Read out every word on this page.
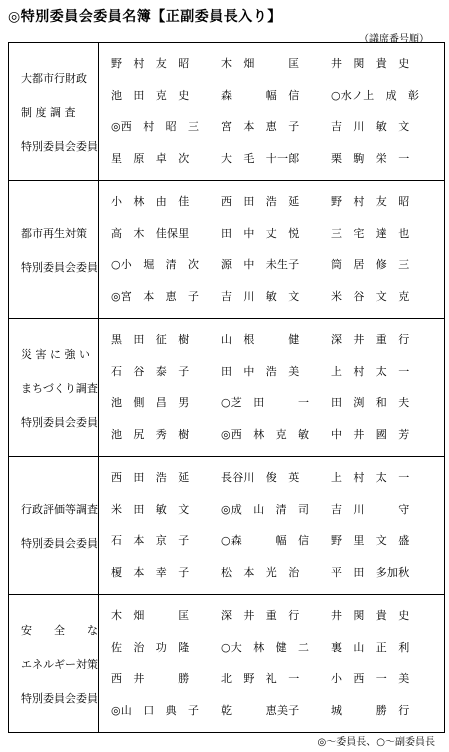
◎特別委員会委員名簿【正副委員長入り】
（議席番号順）
大都市行財政
制 度 調 査
特別委員会委員
野　村　友　昭	木　畑　　　匡	井　関　貴　史
池　田　克　史	森　　　幅　信	○水ノ上　成　彰
◎西　村　昭　三	宮　本　恵　子	吉　川　敏　文
星　原　卓　次	大　毛　十一郎	栗　駒　栄　一
都市再生対策
特別委員会委員
小　林　由　佳	西　田　浩　延	野　村　友　昭
高　木　佳保里	田　中　丈　悦	三　宅　達　也
○小　堀　清　次	源　中　未生子	筒　居　修　三
◎宮　本　恵　子	吉　川　敏　文	米　谷　文　克
災 害 に 強 い
まちづくり調査
特別委員会委員
黒　田　征　樹	山　根　　　健	深　井　重　行
石　谷　泰　子	田　中　浩　美	上　村　太　一
池　側　昌　男	○芝　田　　　一	田　渕　和　夫
池　尻　秀　樹	◎西　林　克　敏	中　井　國　芳
行政評価等調査
特別委員会委員
西　田　浩　延	長谷川　俊　英	上　村　太　一
米　田　敏　文	◎成　山　清　司	吉　川　　　守
石　本　京　子	○森　　　幅　信	野　里　文　盛
榎　本　幸　子	松　本　光　治	平　田　多加秋
安　　全　　な
エネルギー対策
特別委員会委員
木　畑　　　匡	深　井　重　行	井　関　貴　史
佐　治　功　隆	○大　林　健　二	裏　山　正　利
西　井　　　勝	北　野　礼　一	小　西　一　美
◎山　口　典　子	乾　　　恵美子	城　　　勝　行
◎～委員長、○～副委員長
